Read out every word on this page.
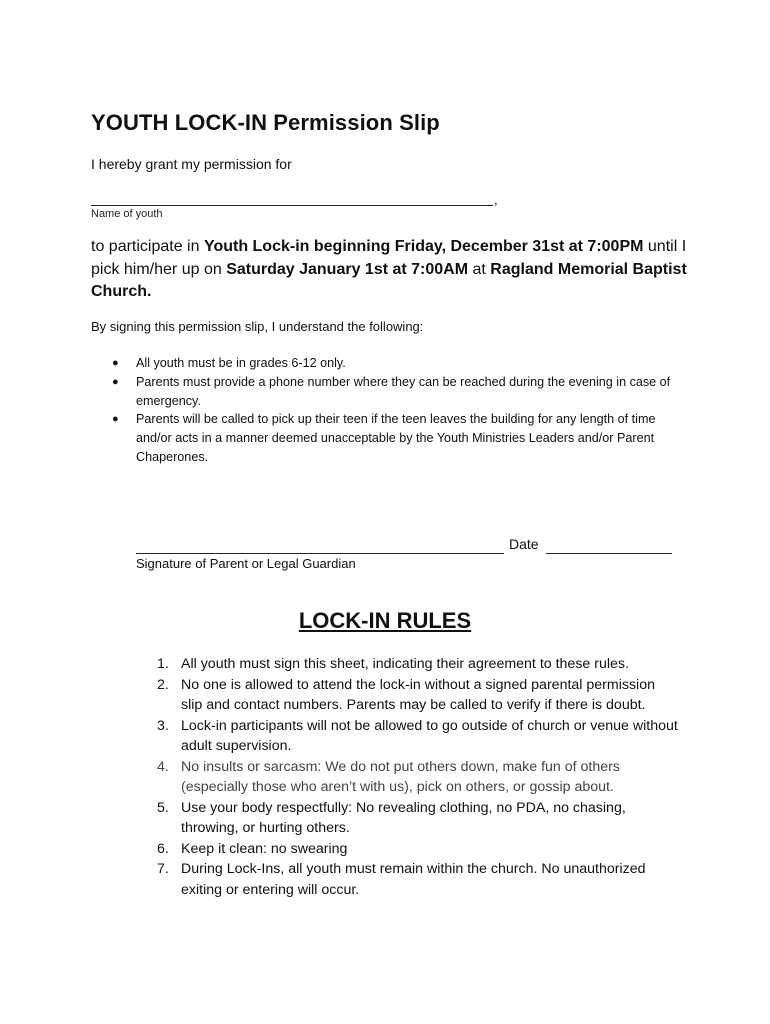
YOUTH LOCK-IN Permission Slip

I hereby grant my permission for

,
Name of youth

to participate in Youth Lock-in beginning Friday, December 31st at 7:00PM until I pick him/her up on Saturday January 1st at 7:00AM at Ragland Memorial Baptist Church.

By signing this permission slip, I understand the following:

● All youth must be in grades 6-12 only.
● Parents must provide a phone number where they can be reached during the evening in case of emergency.
● Parents will be called to pick up their teen if the teen leaves the building for any length of time and/or acts in a manner deemed unacceptable by the Youth Ministries Leaders and/or Parent Chaperones.
Date
Signature of Parent or Legal Guardian
LOCK-IN RULES
1. All youth must sign this sheet, indicating their agreement to these rules.
2. No one is allowed to attend the lock-in without a signed parental permission slip and contact numbers. Parents may be called to verify if there is doubt.
3. Lock-in participants will not be allowed to go outside of church or venue without adult supervision.
4. No insults or sarcasm: We do not put others down, make fun of others (especially those who aren’t with us), pick on others, or gossip about.
5. Use your body respectfully: No revealing clothing, no PDA, no chasing, throwing, or hurting others.
6. Keep it clean: no swearing
7. During Lock-Ins, all youth must remain within the church. No unauthorized exiting or entering will occur.
